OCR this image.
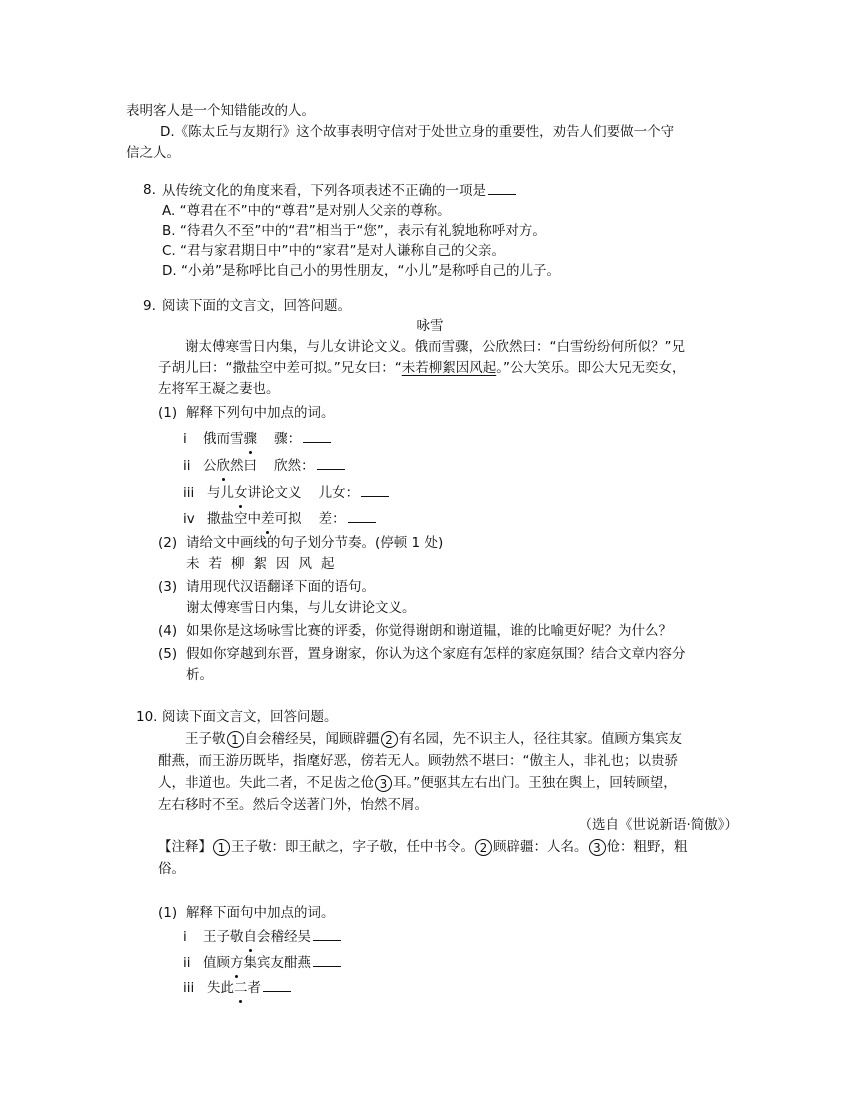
表明客人是一个知错能改的人。
D.《陈太丘与友期行》这个故事表明守信对于处世立身的重要性，劝告人们要做一个守
信之人。
8. 从传统文化的角度来看，下列各项表述不正确的一项是
A. “尊君在不”中的“尊君”是对别人父亲的尊称。
B. “待君久不至”中的“君”相当于“您”，表示有礼貌地称呼对方。
C. “君与家君期日中”中的“家君”是对人谦称自己的父亲。
D. “小弟”是称呼比自己小的男性朋友，“小儿”是称呼自己的儿子。
9. 阅读下面的文言文，回答问题。
咏雪
谢太傅寒雪日内集，与儿女讲论文义。俄而雪骤，公欣然曰：“白雪纷纷何所似？”兄
子胡儿曰：“撒盐空中差可拟。”兄女曰：“未若柳絮因风起。”公大笑乐。即公大兄无奕女，
左将军王凝之妻也。
(1) 解释下列句中加点的词。
i 俄而雪骤 骤：
ii 公欣然曰 欣然：
iii 与儿女讲论文义 儿女：
iv 撒盐空中差可拟 差：
(2) 请给文中画线的句子划分节奏。(停顿 1 处)
未若柳絮因风起
(3) 请用现代汉语翻译下面的语句。
谢太傅寒雪日内集，与儿女讲论文义。
(4) 如果你是这场咏雪比赛的评委，你觉得谢朗和谢道韫，谁的比喻更好呢？为什么？
(5) 假如你穿越到东晋，置身谢家，你认为这个家庭有怎样的家庭氛围？结合文章内容分
析。
10. 阅读下面文言文，回答问题。
王子敬 1 自会稽经吴，闻顾辟疆 2 有名园，先不识主人，径往其家。值顾方集宾友
酣燕，而王游历既毕，指麾好恶，傍若无人。顾勃然不堪曰：“傲主人，非礼也；以贵骄
人，非道也。失此二者，不足齿之伧 3 耳。”便驱其左右出门。王独在舆上，回转顾望，
左右移时不至。然后令送著门外，怡然不屑。
（选自《世说新语·简傲》）
【注释】 1 王子敬：即王献之，字子敬，任中书令。 2 顾辟疆：人名。 3 伧：粗野，粗
俗。
(1) 解释下面句中加点的词。
i 王子敬自会稽经吴
ii 值顾方集宾友酣燕
iii 失此二者
